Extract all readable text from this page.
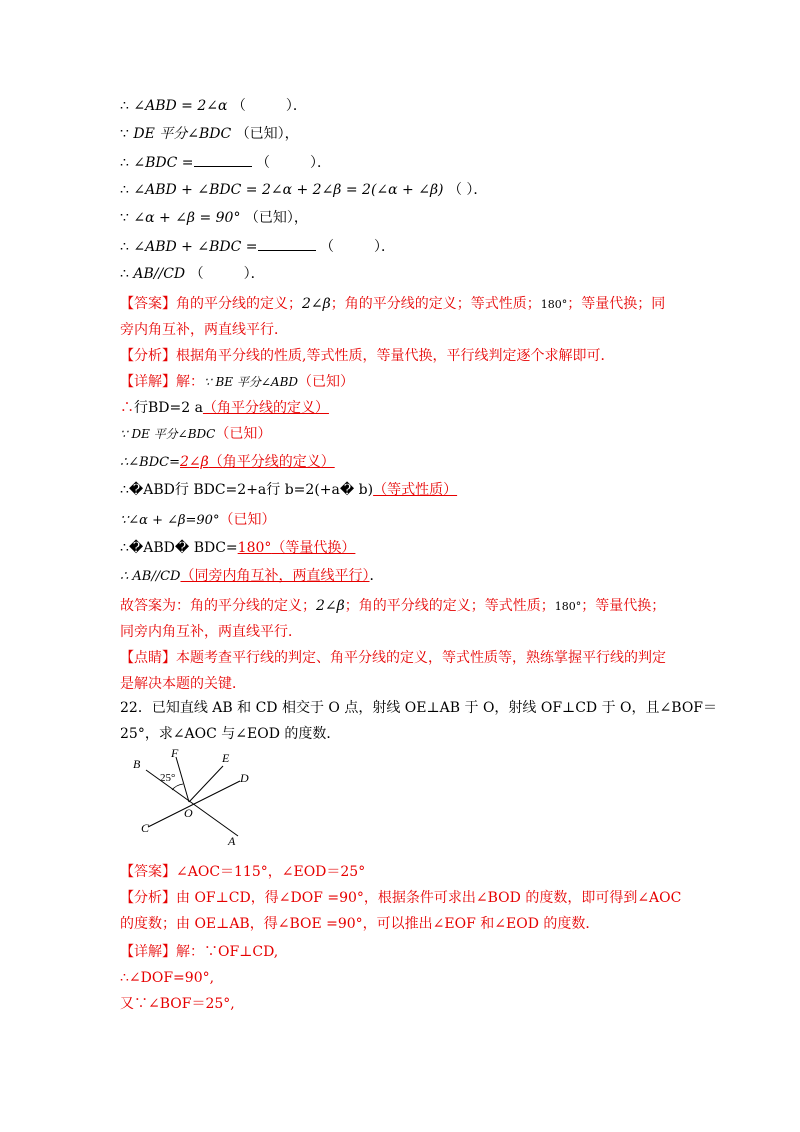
∴ ∠ABD = 2∠α （	）．
∵ DE 平分∠BDC （已知），
∴ ∠BDC =	（	）．
∴ ∠ABD + ∠BDC = 2∠α + 2∠β = 2(∠α + ∠β) （ ）．
∵ ∠α + ∠β = 90° （已知），
∴ ∠ABD + ∠BDC =	（	）．
∴ AB//CD （	）．
【答案】角的平分线的定义；2∠β；角的平分线的定义；等式性质；180°；等量代换；同
旁内角互补，两直线平行．
【分析】根据角平分线的性质,等式性质，等量代换，平行线判定逐个求解即可．
【详解】解：∵ BE 平分∠ABD（已知）
∴行BD=2 a（角平分线的定义）
∵ DE 平分∠BDC（已知）
∴∠BDC=2∠β（角平分线的定义）
∴�ABD行 BDC=2+a行 b=2(+a� b)（等式性质）
∵∠α + ∠β=90°（已知）
∴�ABD� BDC=180°（等量代换）
∴ AB//CD（同旁内角互补，两直线平行）．
故答案为：角的平分线的定义；2∠β；角的平分线的定义；等式性质；180°；等量代换；
同旁内角互补，两直线平行．
【点睛】本题考查平行线的判定、角平分线的定义，等式性质等，熟练掌握平行线的判定
是解决本题的关键．
22．已知直线 AB 和 CD 相交于 O 点，射线 OE⊥AB 于 O，射线 OF⊥CD 于 O，且∠BOF＝
25°，求∠AOC 与∠EOD 的度数．
B
F	E
D
O
C
A
25°
【答案】∠AOC＝115°，∠EOD＝25°
【分析】由 OF⊥CD，得∠DOF =90°，根据条件可求出∠BOD 的度数，即可得到∠AOC
的度数；由 OE⊥AB，得∠BOE =90°，可以推出∠EOF 和∠EOD 的度数．
【详解】解：∵OF⊥CD,
∴∠DOF=90°,
又∵∠BOF＝25°,
